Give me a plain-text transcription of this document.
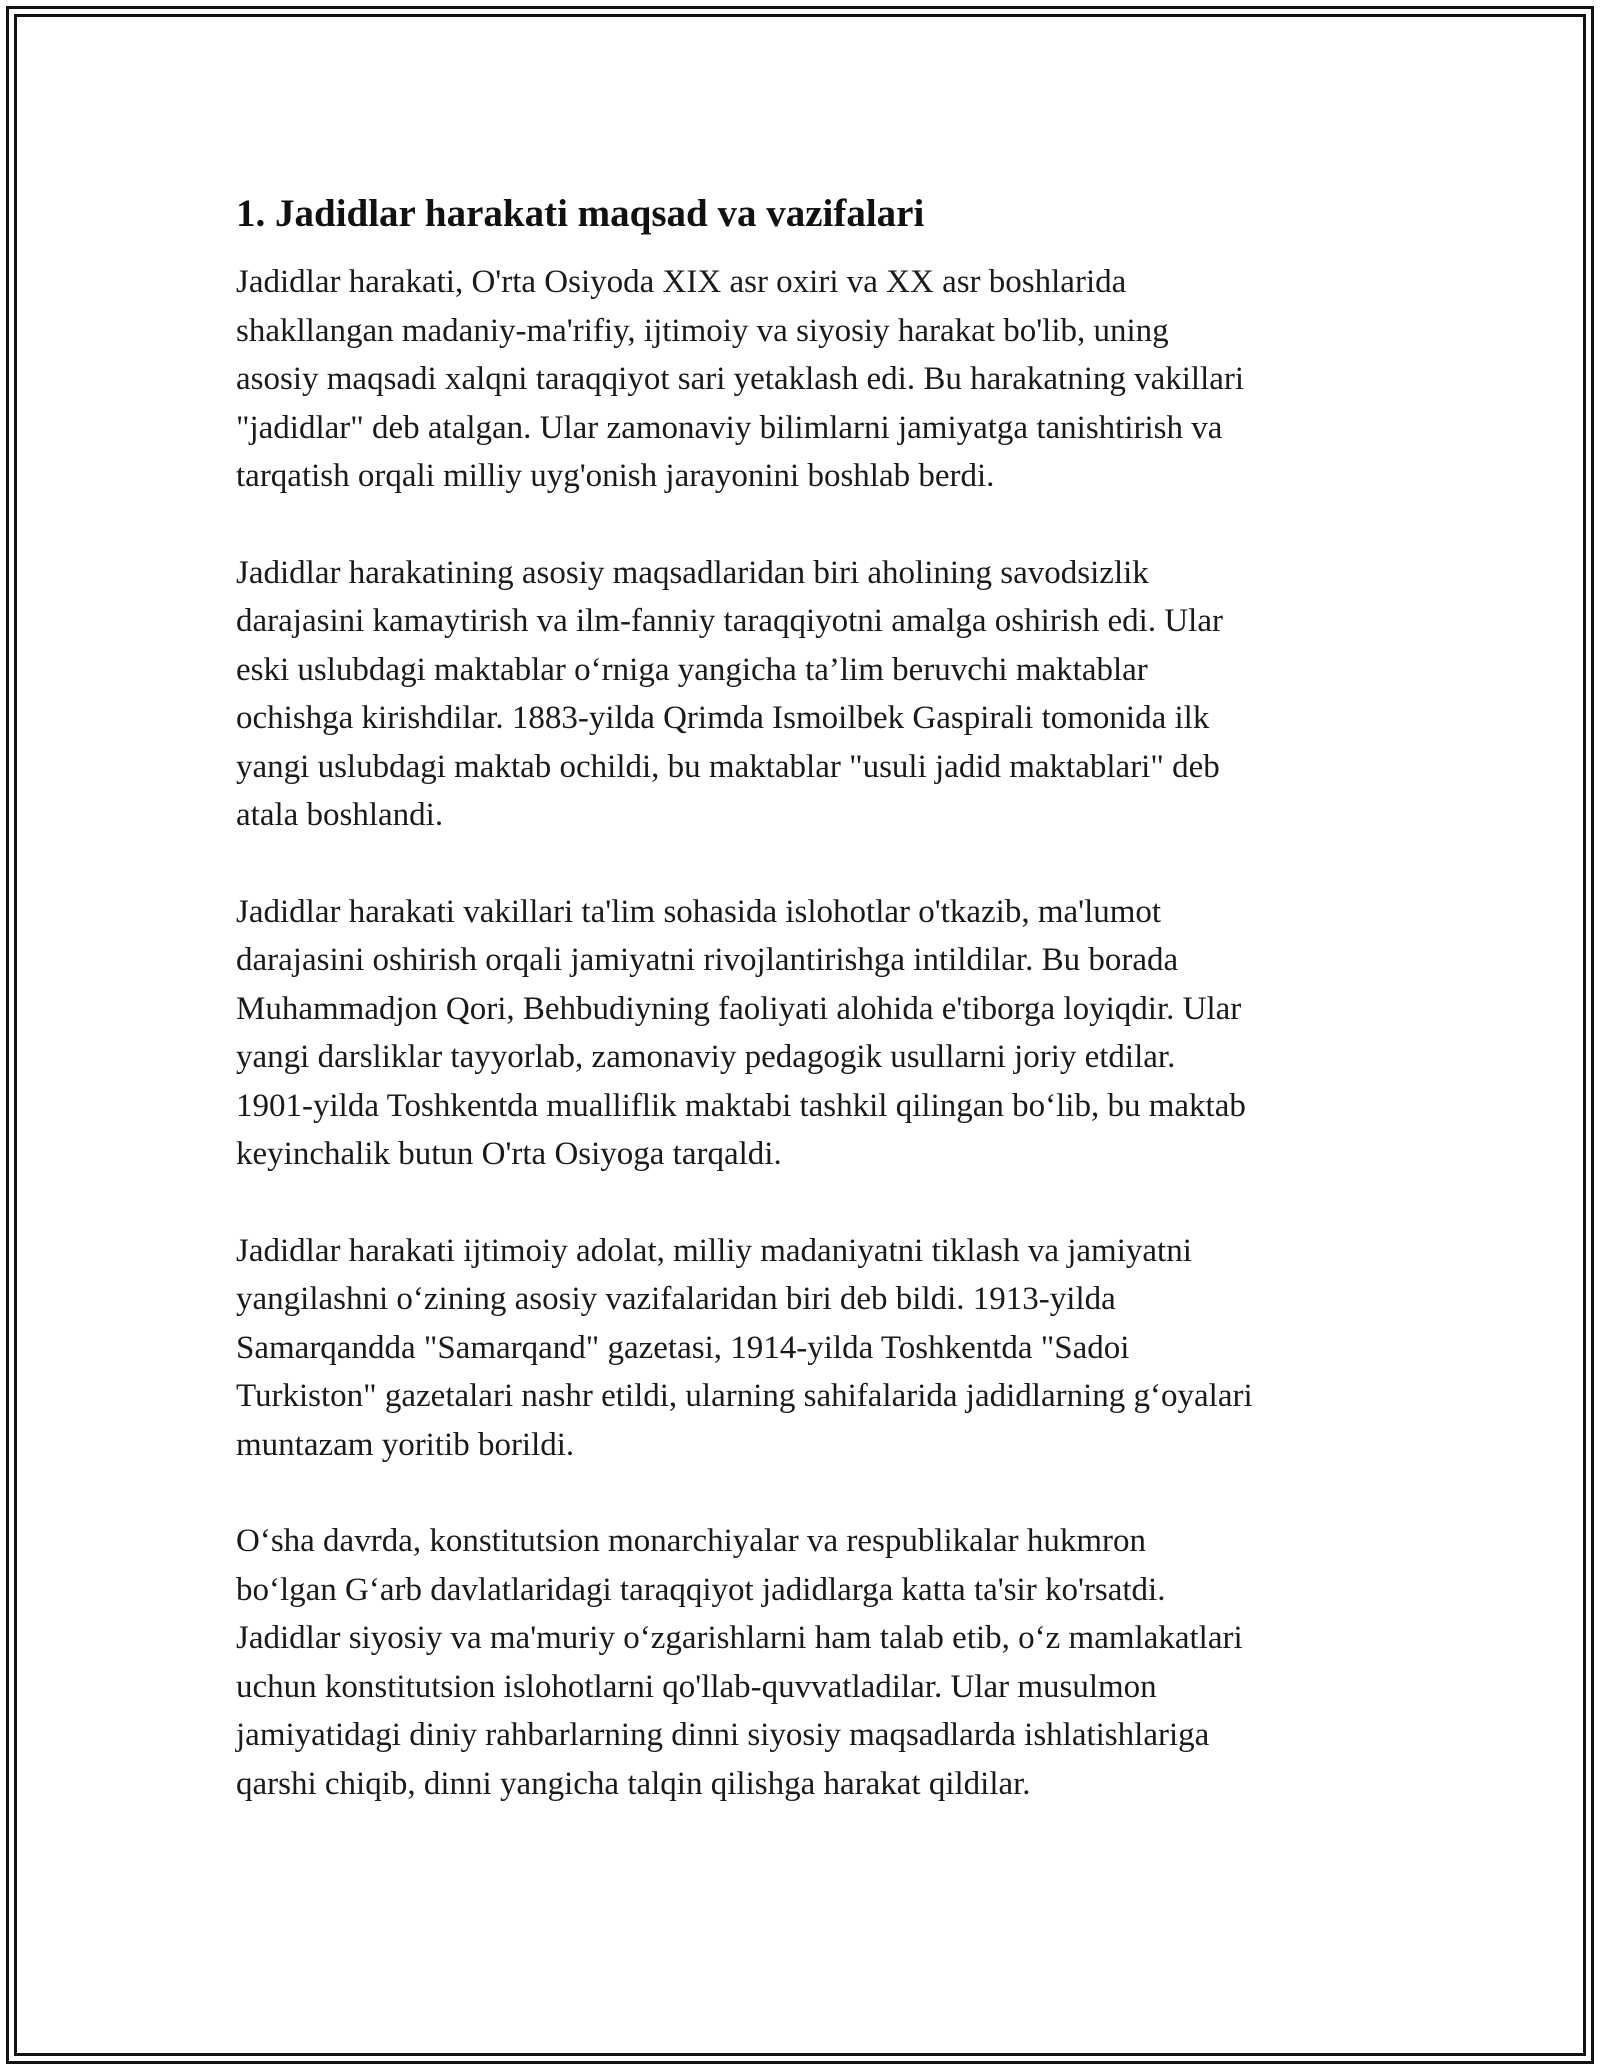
1. Jadidlar harakati maqsad va vazifalari

Jadidlar harakati, O'rta Osiyoda XIX asr oxiri va XX asr boshlarida
shakllangan madaniy-ma'rifiy, ijtimoiy va siyosiy harakat bo'lib, uning
asosiy maqsadi xalqni taraqqiyot sari yetaklash edi. Bu harakatning vakillari
"jadidlar" deb atalgan. Ular zamonaviy bilimlarni jamiyatga tanishtirish va
tarqatish orqali milliy uyg'onish jarayonini boshlab berdi.

Jadidlar harakatining asosiy maqsadlaridan biri aholining savodsizlik
darajasini kamaytirish va ilm-fanniy taraqqiyotni amalga oshirish edi. Ular
eski uslubdagi maktablar o‘rniga yangicha ta’lim beruvchi maktablar
ochishga kirishdilar. 1883-yilda Qrimda Ismoilbek Gaspirali tomonida ilk
yangi uslubdagi maktab ochildi, bu maktablar "usuli jadid maktablari" deb
atala boshlandi.

Jadidlar harakati vakillari ta'lim sohasida islohotlar o'tkazib, ma'lumot
darajasini oshirish orqali jamiyatni rivojlantirishga intildilar. Bu borada
Muhammadjon Qori, Behbudiyning faoliyati alohida e'tiborga loyiqdir. Ular
yangi darsliklar tayyorlab, zamonaviy pedagogik usullarni joriy etdilar.
1901-yilda Toshkentda mualliflik maktabi tashkil qilingan bo‘lib, bu maktab
keyinchalik butun O'rta Osiyoga tarqaldi.

Jadidlar harakati ijtimoiy adolat, milliy madaniyatni tiklash va jamiyatni
yangilashni o‘zining asosiy vazifalaridan biri deb bildi. 1913-yilda
Samarqandda "Samarqand" gazetasi, 1914-yilda Toshkentda "Sadoi
Turkiston" gazetalari nashr etildi, ularning sahifalarida jadidlarning g‘oyalari
muntazam yoritib borildi.

O‘sha davrda, konstitutsion monarchiyalar va respublikalar hukmron
bo‘lgan G‘arb davlatlaridagi taraqqiyot jadidlarga katta ta'sir ko'rsatdi.
Jadidlar siyosiy va ma'muriy o‘zgarishlarni ham talab etib, o‘z mamlakatlari
uchun konstitutsion islohotlarni qo'llab-quvvatladilar. Ular musulmon
jamiyatidagi diniy rahbarlarning dinni siyosiy maqsadlarda ishlatishlariga
qarshi chiqib, dinni yangicha talqin qilishga harakat qildilar.
